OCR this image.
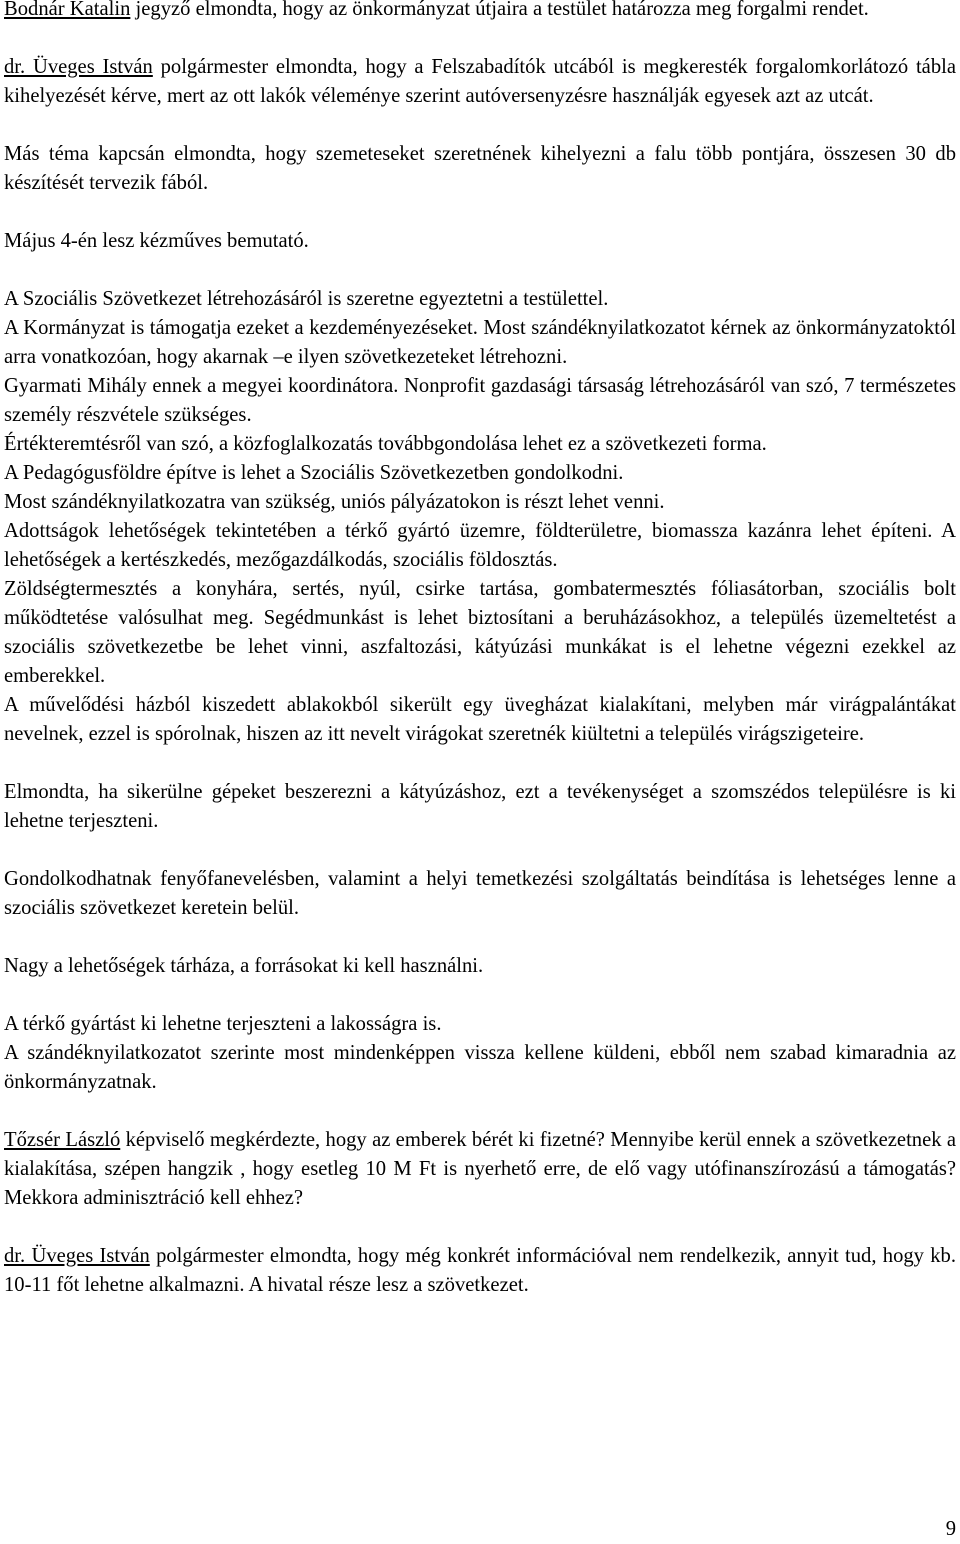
Bodnár Katalin jegyző elmondta, hogy az önkormányzat útjaira a testület határozza meg forgalmi rendet.

dr. Üveges István polgármester elmondta, hogy a Felszabadítók utcából is megkeresték forgalomkorlátozó tábla kihelyezését kérve, mert az ott lakók véleménye szerint autóversenyzésre használják egyesek azt az utcát.

Más téma kapcsán elmondta, hogy szemeteseket szeretnének kihelyezni a falu több pontjára, összesen 30 db készítését tervezik fából.

Május 4-én lesz kézműves bemutató.

A Szociális Szövetkezet létrehozásáról is szeretne egyeztetni a testülettel.

A Kormányzat is támogatja ezeket a kezdeményezéseket. Most szándéknyilatkozatot kérnek az önkormányzatoktól arra vonatkozóan, hogy akarnak –e ilyen szövetkezeteket létrehozni.

Gyarmati Mihály ennek a megyei koordinátora. Nonprofit gazdasági társaság létrehozásáról van szó, 7 természetes személy részvétele szükséges.

Értékteremtésről van szó, a közfoglalkozatás továbbgondolása lehet ez a szövetkezeti forma.

A Pedagógusföldre építve is lehet a Szociális Szövetkezetben gondolkodni.

Most szándéknyilatkozatra van szükség, uniós pályázatokon is részt lehet venni.

Adottságok lehetőségek tekintetében a térkő gyártó üzemre, földterületre, biomassza kazánra lehet építeni. A lehetőségek a kertészkedés, mezőgazdálkodás, szociális földosztás.

Zöldségtermesztés a konyhára, sertés, nyúl, csirke tartása, gombatermesztés fóliasátorban, szociális bolt működtetése valósulhat meg. Segédmunkást is lehet biztosítani a beruházásokhoz, a település üzemeltetést a szociális szövetkezetbe be lehet vinni, aszfaltozási, kátyúzási munkákat is el lehetne végezni ezekkel az emberekkel.

A művelődési házból kiszedett ablakokból sikerült egy üvegházat kialakítani, melyben már virágpalántákat nevelnek, ezzel is spórolnak, hiszen az itt nevelt virágokat szeretnék kiültetni a település virágszigeteire.

Elmondta, ha sikerülne gépeket beszerezni a kátyúzáshoz, ezt a tevékenységet a szomszédos településre is ki lehetne terjeszteni.

Gondolkodhatnak fenyőfanevelésben, valamint a helyi temetkezési szolgáltatás beindítása is lehetséges lenne a szociális szövetkezet keretein belül.

Nagy a lehetőségek tárháza, a forrásokat ki kell használni.

A térkő gyártást ki lehetne terjeszteni a lakosságra is.

A szándéknyilatkozatot szerinte most mindenképpen vissza kellene küldeni, ebből nem szabad kimaradnia az önkormányzatnak.

Tőzsér László képviselő megkérdezte, hogy az emberek bérét ki fizetné? Mennyibe kerül ennek a szövetkezetnek a kialakítása, szépen hangzik , hogy esetleg 10 M Ft is nyerhető erre, de elő vagy utófinanszírozású a támogatás? Mekkora adminisztráció kell ehhez?

dr. Üveges István polgármester elmondta, hogy még konkrét információval nem rendelkezik, annyit tud, hogy kb. 10-11 főt lehetne alkalmazni. A hivatal része lesz a szövetkezet.

9
